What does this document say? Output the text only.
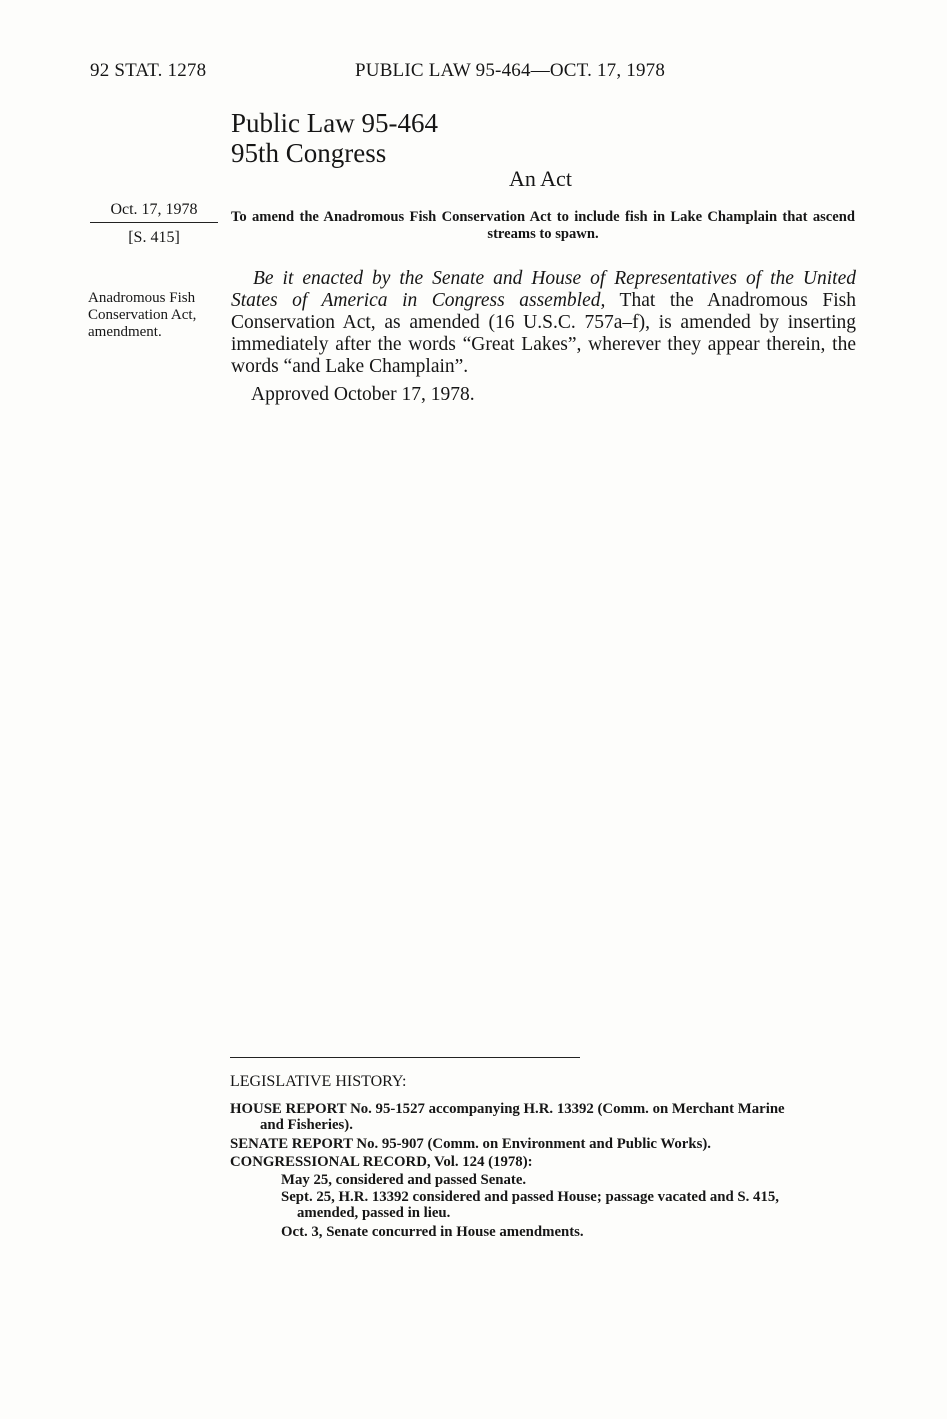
92 STAT. 1278	PUBLIC LAW 95-464—OCT. 17, 1978
Public Law 95-464
95th Congress
An Act
Oct. 17, 1978
[S. 415]
Anadromous Fish
Conservation Act,
amendment.
To amend the Anadromous Fish Conservation Act to include fish in Lake Champlain that ascend streams to spawn.
Be it enacted by the Senate and House of Representatives of the United States of America in Congress assembled, That the Anadromous Fish Conservation Act, as amended (16 U.S.C. 757a–f), is amended by inserting immediately after the words “Great Lakes”, wherever they appear therein, the words “and Lake Champlain”.
Approved October 17, 1978.
LEGISLATIVE HISTORY:
HOUSE REPORT No. 95-1527 accompanying H.R. 13392 (Comm. on Merchant Marine
and Fisheries).
SENATE REPORT No. 95-907 (Comm. on Environment and Public Works).
CONGRESSIONAL RECORD, Vol. 124 (1978):
May 25, considered and passed Senate.
Sept. 25, H.R. 13392 considered and passed House; passage vacated and S. 415,
amended, passed in lieu.
Oct. 3, Senate concurred in House amendments.
